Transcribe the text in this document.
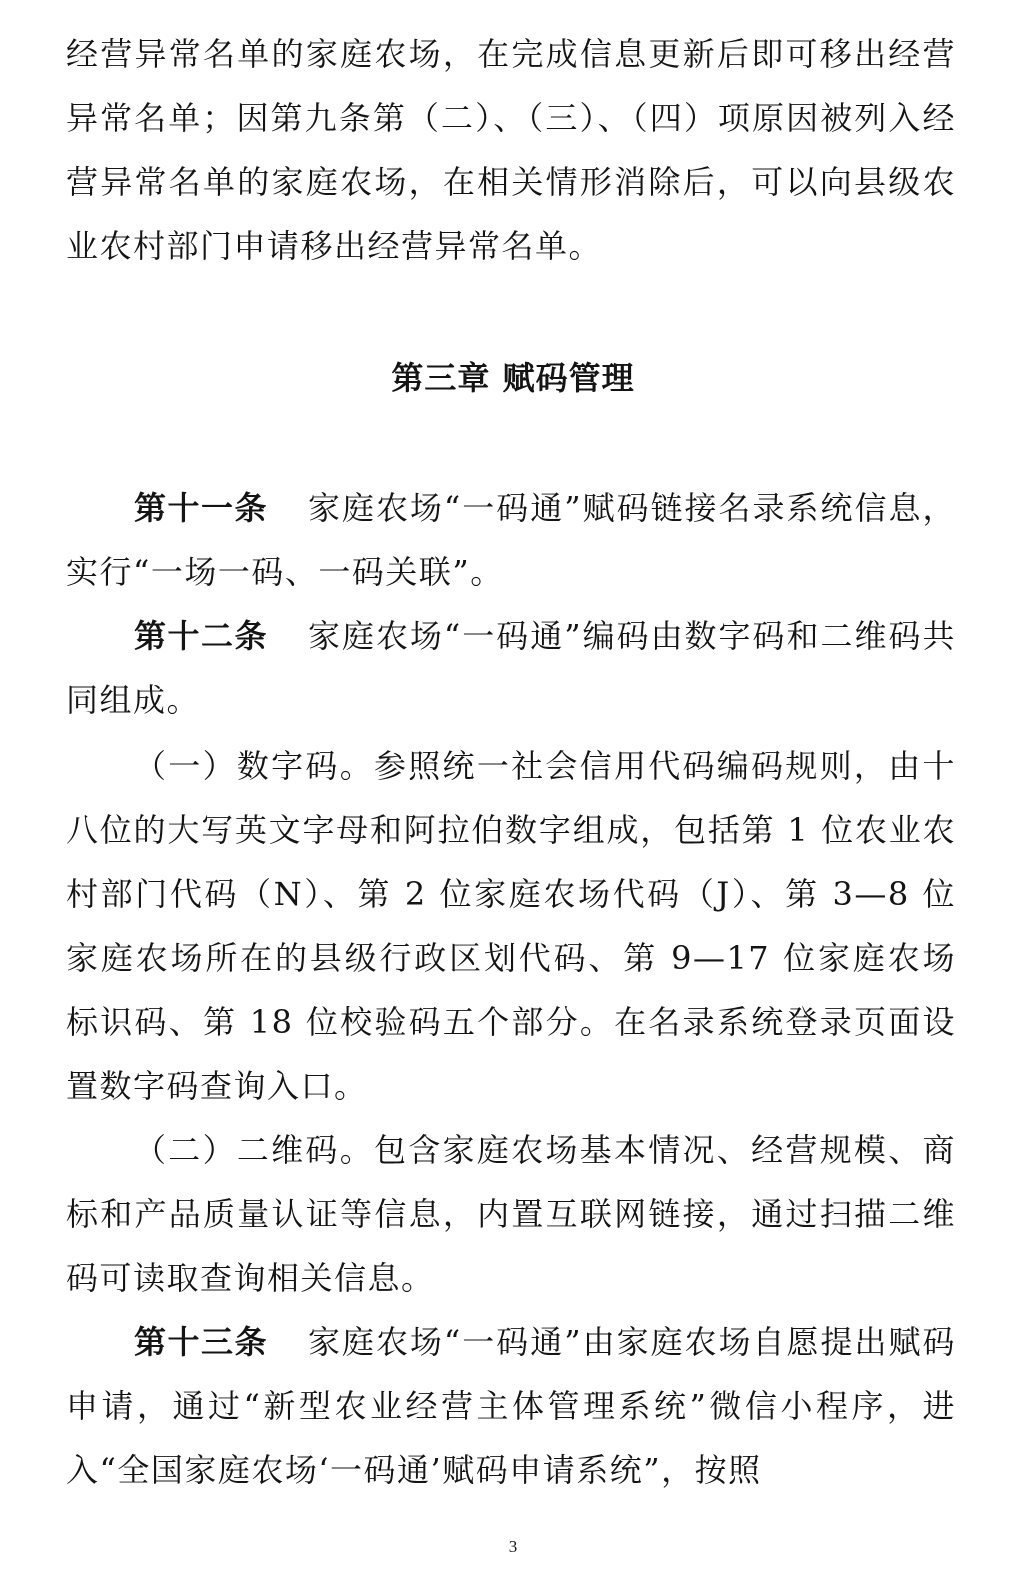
经营异常名单的家庭农场，在完成信息更新后即可移出经营异常名单；因第九条第（二）、（三）、（四）项原因被列入经营异常名单的家庭农场，在相关情形消除后，可以向县级农业农村部门申请移出经营异常名单。

第三章 赋码管理

第十一条 家庭农场“一码通”赋码链接名录系统信息，实行“一场一码、一码关联”。

第十二条 家庭农场“一码通”编码由数字码和二维码共同组成。

（一）数字码。参照统一社会信用代码编码规则，由十八位的大写英文字母和阿拉伯数字组成，包括第 1 位农业农村部门代码（N）、第 2 位家庭农场代码（J）、第 3—8 位家庭农场所在的县级行政区划代码、第 9—17 位家庭农场标识码、第 18 位校验码五个部分。在名录系统登录页面设置数字码查询入口。

（二）二维码。包含家庭农场基本情况、经营规模、商标和产品质量认证等信息，内置互联网链接，通过扫描二维码可读取查询相关信息。

第十三条 家庭农场“一码通”由家庭农场自愿提出赋码申请，通过“新型农业经营主体管理系统”微信小程序，进入“全国家庭农场‘一码通’赋码申请系统”，按照

3
